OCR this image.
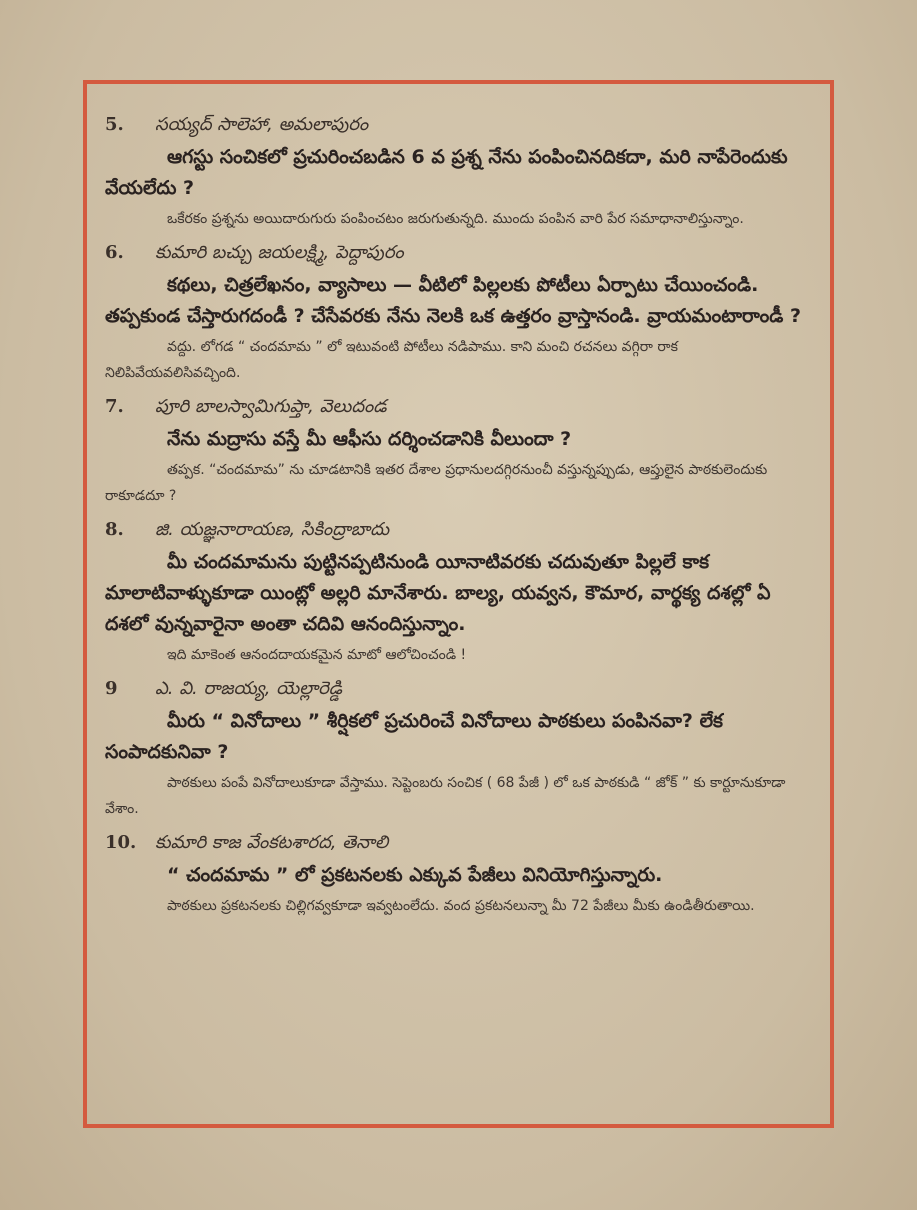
5.	సయ్యద్ సాలెహా, అమలాపురం

ఆగస్టు సంచికలో ప్రచురించబడిన 6 వ ప్రశ్న నేను పంపించినదికదా, మరి నాపేరెందుకు వేయలేదు ?

ఒకేరకం ప్రశ్నను అయిదారుగురు పంపించటం జరుగుతున్నది. ముందు పంపిన వారి పేర సమాధానాలిస్తున్నాం.

6.	కుమారి బచ్చు జయలక్ష్మి, పెద్దాపురం

కథలు, చిత్రలేఖనం, వ్యాసాలు — వీటిలో పిల్లలకు పోటీలు ఏర్పాటు చేయించండి. తప్పకుండ చేస్తారుగదండీ ? చేసేవరకు నేను నెలకి ఒక ఉత్తరం వ్రాస్తానండి. వ్రాయమంటారాండీ ?

వద్దు. లోగడ “ చందమామ ” లో ఇటువంటి పోటీలు నడిపాము. కాని మంచి రచనలు వగ్గిరా రాక నిలిపివేయవలిసివచ్చింది.

7.	పూరి బాలస్వామిగుప్తా, వెలుదండ

నేను మద్రాసు వస్తే మీ ఆఫీసు దర్శించడానికి వీలుందా ?

తప్పక. “చందమామ” ను చూడటానికి ఇతర దేశాల ప్రధానులదగ్గిరనుంచీ వస్తున్నప్పుడు, ఆప్తులైన పాఠకులెందుకు రాకూడదూ ?

8.	జి. యజ్ఞనారాయణ, సికింద్రాబాదు

మీ చందమామను పుట్టినప్పటినుండి యీనాటివరకు చదువుతూ పిల్లలే కాక మాలాటివాళ్ళుకూడా యింట్లో అల్లరి మానేశారు. బాల్య, యవ్వన, కౌమార, వార్థక్య దశల్లో ఏ దశలో వున్నవారైనా అంతా చదివి ఆనందిస్తున్నాం.

ఇది మాకెంత ఆనందదాయకమైన మాటో ఆలోచించండి !

9	ఎ. వి. రాజయ్య, యెల్లారెడ్డి

మీరు “ వినోదాలు ” శీర్షికలో ప్రచురించే వినోదాలు పాఠకులు పంపినవా? లేక సంపాదకునివా ?

పాఠకులు పంపే వినోదాలుకూడా వేస్తాము. సెప్టెంబరు సంచిక ( 68 పేజీ ) లో ఒక పాఠకుడి “ జోక్ ” కు కార్టూనుకూడా వేశాం.

10.	కుమారి కాజ వేంకటశారద, తెనాలి

“ చందమామ ” లో ప్రకటనలకు ఎక్కువ పేజీలు వినియోగిస్తున్నారు.

పాఠకులు ప్రకటనలకు చిల్లిగవ్వకూడా ఇవ్వటంలేదు. వంద ప్రకటనలున్నా మీ 72 పేజీలు మీకు ఉండితీరుతాయి.
